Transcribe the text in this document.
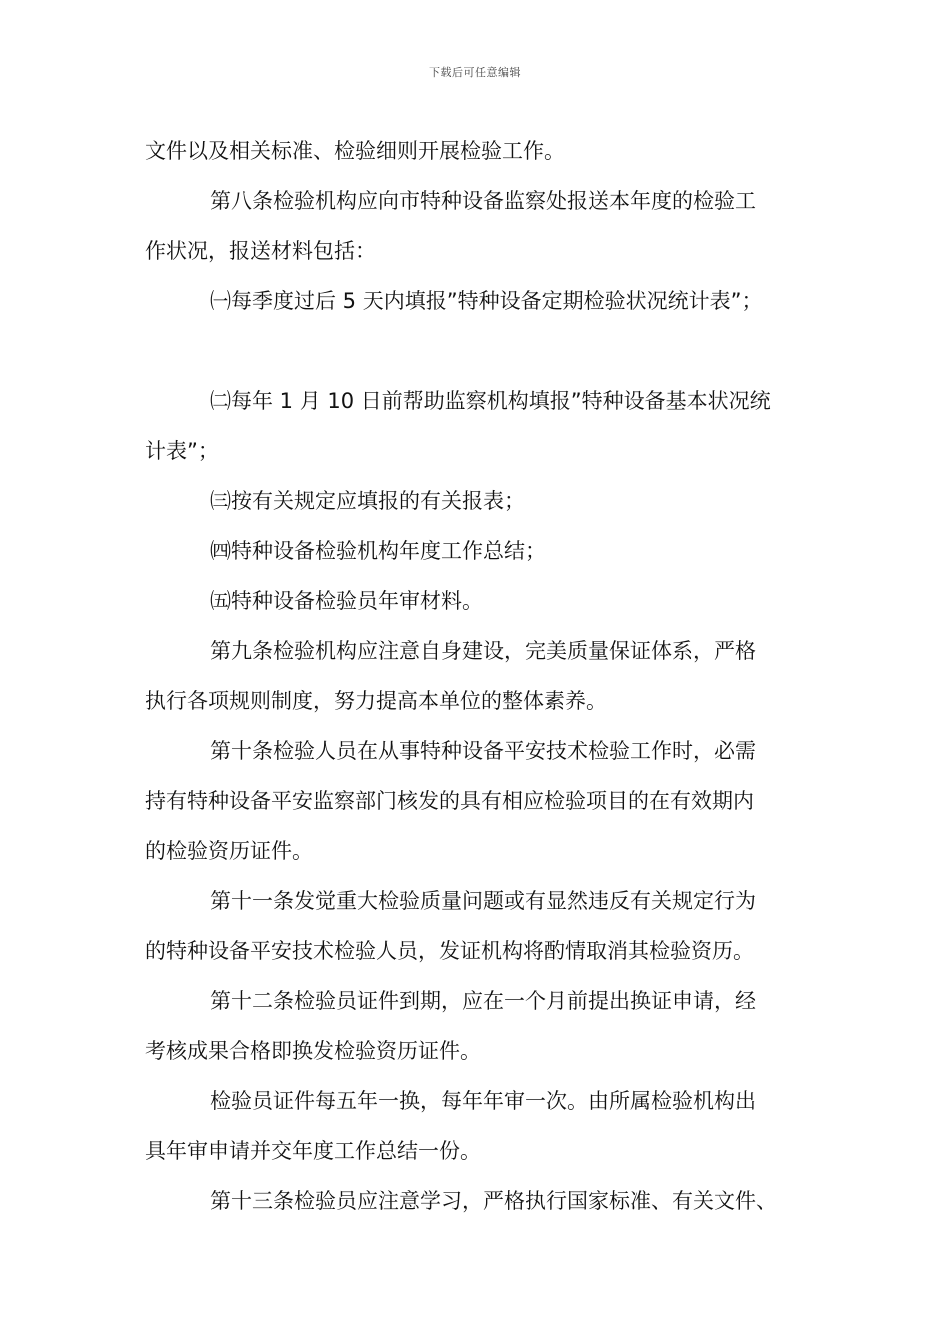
下载后可任意编辑
文件以及相关标准、检验细则开展检验工作。
第八条检验机构应向市特种设备监察处报送本年度的检验工
作状况，报送材料包括：
㈠每季度过后 5 天内填报”特种设备定期检验状况统计表”；
㈡每年 1 月 10 日前帮助监察机构填报”特种设备基本状况统
计表”；
㈢按有关规定应填报的有关报表；
㈣特种设备检验机构年度工作总结；
㈤特种设备检验员年审材料。
第九条检验机构应注意自身建设，完美质量保证体系，严格
执行各项规则制度，努力提高本单位的整体素养。
第十条检验人员在从事特种设备平安技术检验工作时，必需
持有特种设备平安监察部门核发的具有相应检验项目的在有效期内
的检验资历证件。
第十一条发觉重大检验质量问题或有显然违反有关规定行为
的特种设备平安技术检验人员，发证机构将酌情取消其检验资历。
第十二条检验员证件到期，应在一个月前提出换证申请，经
考核成果合格即换发检验资历证件。
检验员证件每五年一换，每年年审一次。由所属检验机构出
具年审申请并交年度工作总结一份。
第十三条检验员应注意学习，严格执行国家标准、有关文件、
